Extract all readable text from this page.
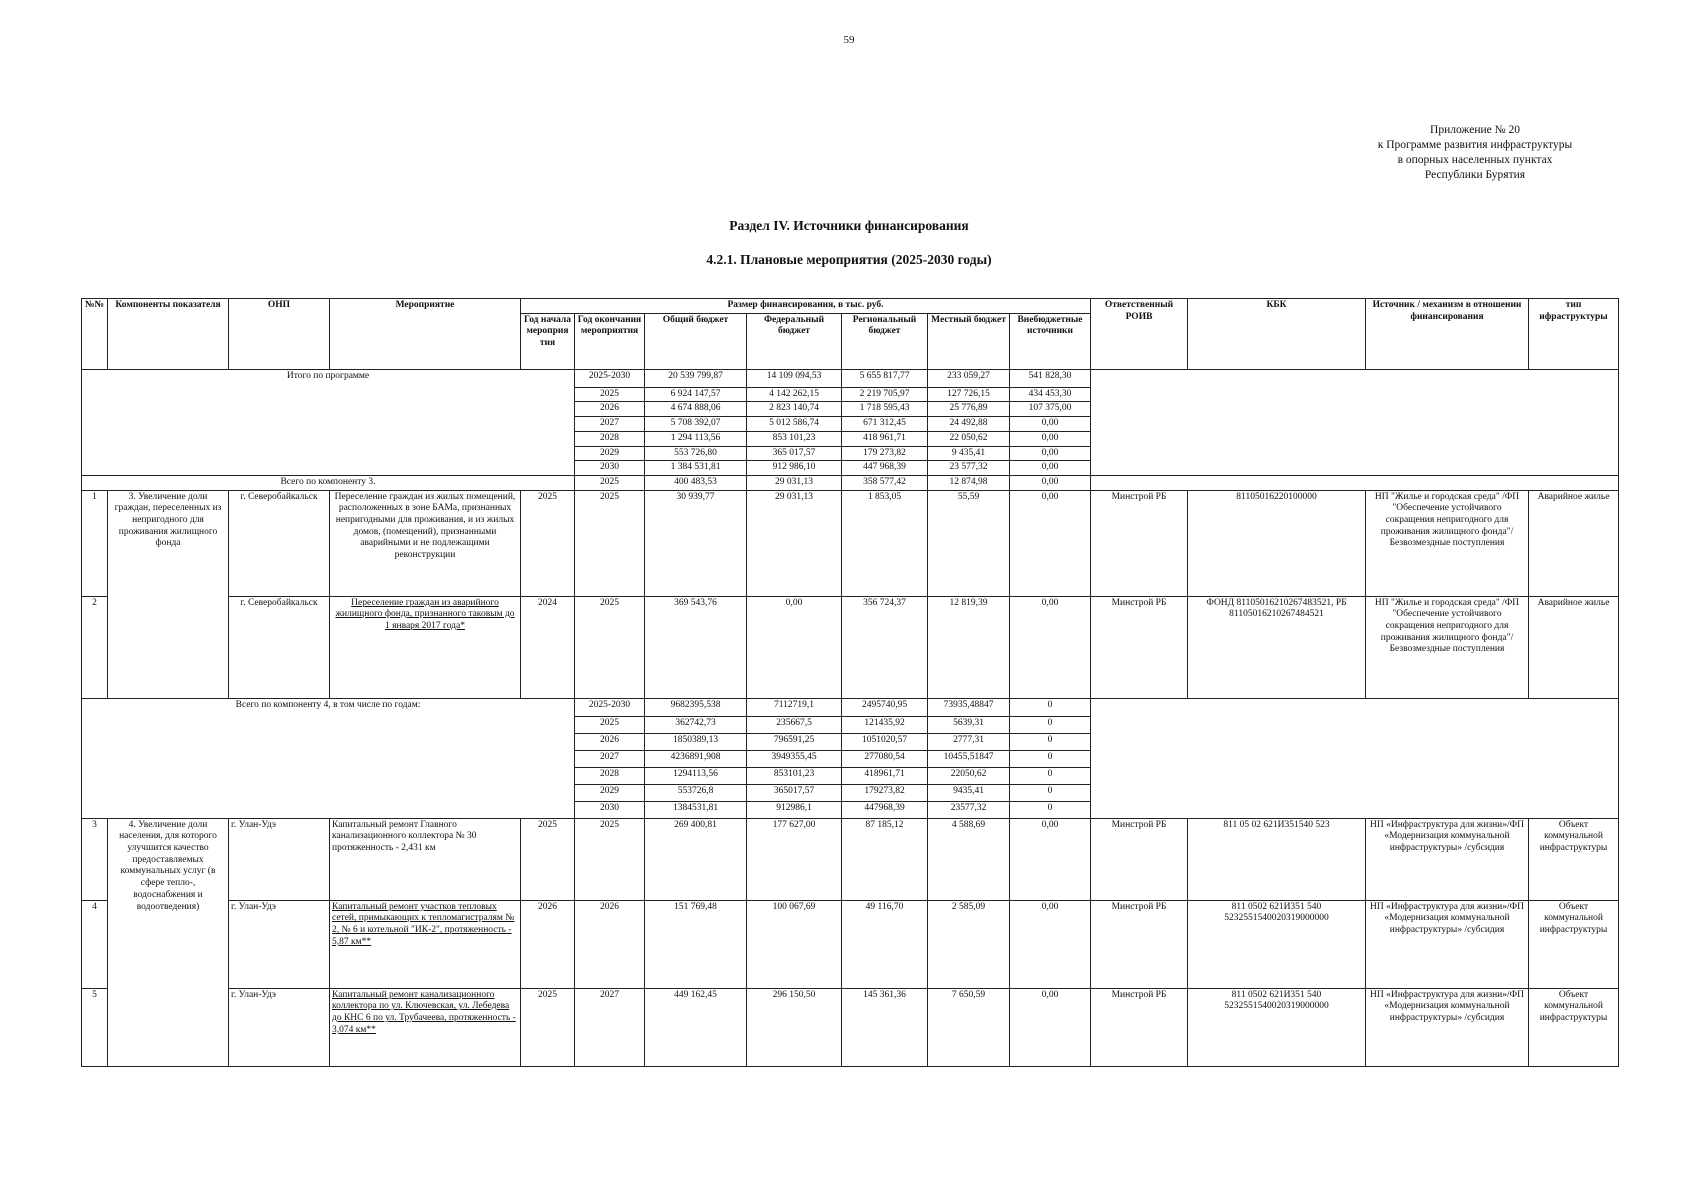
59
Приложение № 20
к Программе развития инфраструктуры
в опорных населенных пунктах
Республики Бурятия
Раздел IV. Источники финансирования
4.2.1. Плановые мероприятия (2025-2030 годы)
№№	Компоненты показателя	ОНП	Мероприятие	Размер финансирования, в тыс. руб.							Ответственный РОИВ	КБК	Источник / механизм в отношении финансирования	тип ифраструктуры
				Год начала мероприя тия	Год окончания мероприятия	Общий бюджет	Федеральный бюджет	Региональный бюджет	Местный бюджет	Внебюджетные источники				
Итого по программе					2025-2030	20 539 799,87	14 109 094,53	5 655 817,77	233 059,27	541 828,30				
					2025	6 924 147,57	4 142 262,15	2 219 705,97	127 726,15	434 453,30				
					2026	4 674 888,06	2 823 140,74	1 718 595,43	25 776,89	107 375,00				
					2027	5 708 392,07	5 012 586,74	671 312,45	24 492,88	0,00				
					2028	1 294 113,56	853 101,23	418 961,71	22 050,62	0,00				
					2029	553 726,80	365 017,57	179 273,82	9 435,41	0,00				
					2030	1 384 531,81	912 986,10	447 968,39	23 577,32	0,00				
Всего по компоненту 3.					2025	400 483,53	29 031,13	358 577,42	12 874,98	0,00				
1	3. Увеличение доли граждан, переселенных из непригодного для проживания жилищного фонда	г. Северобайкальск	Переселение граждан из жилых помещений, расположенных в зоне БАМа, признанных непригодными для проживания, и из жилых домов, (помещений), признанными аварийными и не подлежащими реконструкции	2025	2025	30 939,77	29 031,13	1 853,05	55,59	0,00	Минстрой РБ	81105016220100000	НП "Жилье и городская среда" /ФП "Обеспечение устойчивого сокращения непригодного для проживания жилищного фонда"/Безвозмездные поступления	Аварийное жилье
2		г. Северобайкальск	Переселение граждан из аварийного жилищного фонда, признанного таковым до 1 января 2017 года*	2024	2025	369 543,76	0,00	356 724,37	12 819,39	0,00	Минстрой РБ	ФОНД 81105016210267483521, РБ 81105016210267484521	НП "Жилье и городская среда" /ФП "Обеспечение устойчивого сокращения непригодного для проживания жилищного фонда"/Безвозмездные поступления	Аварийное жилье
Всего по компоненту 4, в том числе по годам:					2025-2030	9682395,538	7112719,1	2495740,95	73935,48847	0				
					2025	362742,73	235667,5	121435,92	5639,31	0				
					2026	1850389,13	796591,25	1051020,57	2777,31	0				
					2027	4236891,908	3949355,45	277080,54	10455,51847	0				
					2028	1294113,56	853101,23	418961,71	22050,62	0				
					2029	553726,8	365017,57	179273,82	9435,41	0				
					2030	1384531,81	912986,1	447968,39	23577,32	0				
3	4. Увеличение доли населения, для которого улучшится качество предоставляемых коммунальных услуг (в сфере тепло-, водоснабжения и водоотведения)	г. Улан-Удэ	Капитальный ремонт Главного канализационного коллектора № 30 протяженность - 2,431 км	2025	2025	269 400,81	177 627,00	87 185,12	4 588,69	0,00	Минстрой РБ	811 05 02 621И351540 523	НП «Инфраструктура для жизни»/ФП «Модернизация коммунальной инфраструктуры» /субсидия	Объект коммунальной инфраструктуры
4		г. Улан-Удэ	Капитальный ремонт участков тепловых сетей, примыкающих к тепломагистралям № 2, № 6 и котельной "ИК-2", протяженность - 5,87 км**	2026	2026	151 769,48	100 067,69	49 116,70	2 585,09	0,00	Минстрой РБ	811 0502 621И351 540 5232551540020319000000	НП «Инфраструктура для жизни»/ФП «Модернизация коммунальной инфраструктуры» /субсидия	Объект коммунальной инфраструктуры
5		г. Улан-Удэ	Капитальный ремонт канализационного коллектора по ул. Ключевская, ул. Лебедева до КНС 6 по ул. Трубачеева, протяженность - 3,074 км**	2025	2027	449 162,45	296 150,50	145 361,36	7 650,59	0,00	Минстрой РБ	811 0502 621И351 540 5232551540020319000000	НП «Инфраструктура для жизни»/ФП «Модернизация коммунальной инфраструктуры» /субсидия	Объект коммунальной инфраструктуры
